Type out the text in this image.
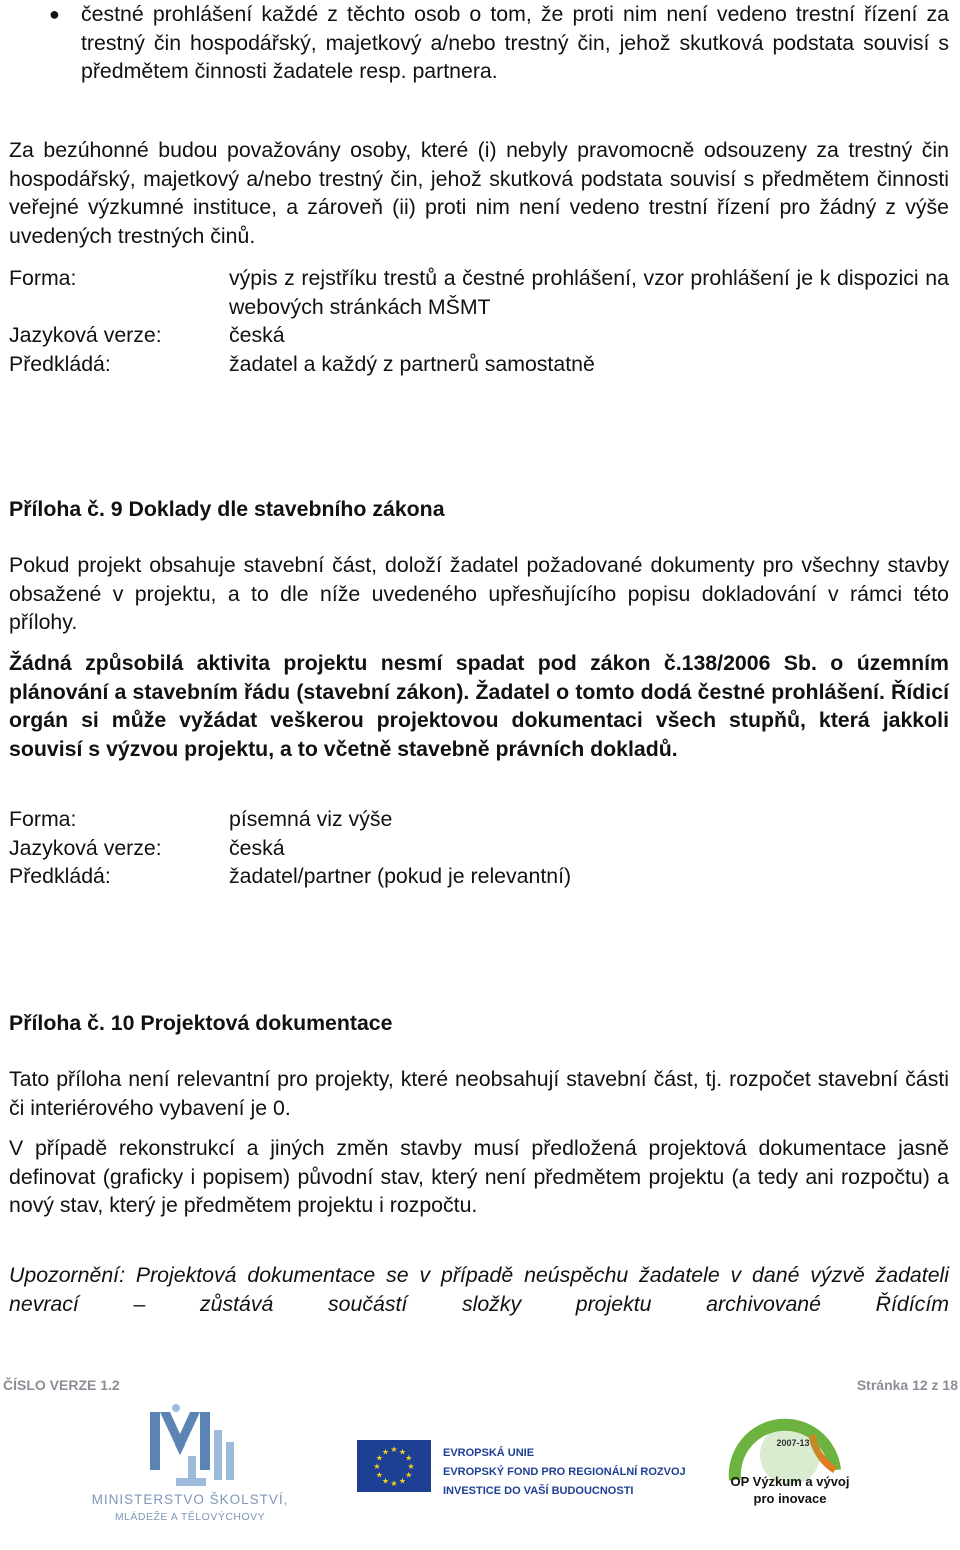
● čestné prohlášení každé z těchto osob o tom, že proti nim není vedeno trestní řízení za trestný čin hospodářský, majetkový a/nebo trestný čin, jehož skutková podstata souvisí s předmětem činnosti žadatele resp. partnera.

Za bezúhonné budou považovány osoby, které (i) nebyly pravomocně odsouzeny za trestný čin hospodářský, majetkový a/nebo trestný čin, jehož skutková podstata souvisí s předmětem činnosti veřejné výzkumné instituce, a zároveň (ii) proti nim není vedeno trestní řízení pro žádný z výše uvedených trestných činů.

Forma:	výpis z rejstříku trestů a čestné prohlášení, vzor prohlášení je k dispozici na webových stránkách MŠMT
Jazyková verze:	česká
Předkládá:	žadatel a každý z partnerů samostatně
Příloha č. 9 Doklady dle stavebního zákona

Pokud projekt obsahuje stavební část, doloží žadatel požadované dokumenty pro všechny stavby obsažené v projektu, a to dle níže uvedeného upřesňujícího popisu dokladování v rámci této přílohy.

Žádná způsobilá aktivita projektu nesmí spadat pod zákon č.138/2006 Sb. o územním plánování a stavebním řádu (stavební zákon). Žadatel o tomto dodá čestné prohlášení. Řídicí orgán si může vyžádat veškerou projektovou dokumentaci všech stupňů, která jakkoli souvisí s výzvou projektu, a to včetně stavebně právních dokladů.

Forma:	písemná viz výše
Jazyková verze:	česká
Předkládá:	žadatel/partner (pokud je relevantní)
Příloha č. 10 Projektová dokumentace

Tato příloha není relevantní pro projekty, které neobsahují stavební část, tj. rozpočet stavební části či interiérového vybavení je 0.

V případě rekonstrukcí a jiných změn stavby musí předložená projektová dokumentace jasně definovat (graficky i popisem) původní stav, který není předmětem projektu (a tedy ani rozpočtu) a nový stav, který je předmětem projektu i rozpočtu.

Upozornění: Projektová dokumentace se v případě neúspěchu žadatele v dané výzvě žadateli nevrací – zůstává součástí složky projektu archivované Řídícím

ČÍSLO VERZE 1.2	Stránka 12 z 18
MINISTERSTVO ŠKOLSTVÍ,
MLÁDEŽE A TĚLOVÝCHOVY
★
★
★
★
★
★
★
★
★ ★ ★
★	EVROPSKÁ UNIE
EVROPSKÝ FOND PRO REGIONÁLNÍ ROZVOJ
INVESTICE DO VAŠÍ BUDOUCNOSTI
2007-13
OP Výzkum a vývoj
pro inovace
